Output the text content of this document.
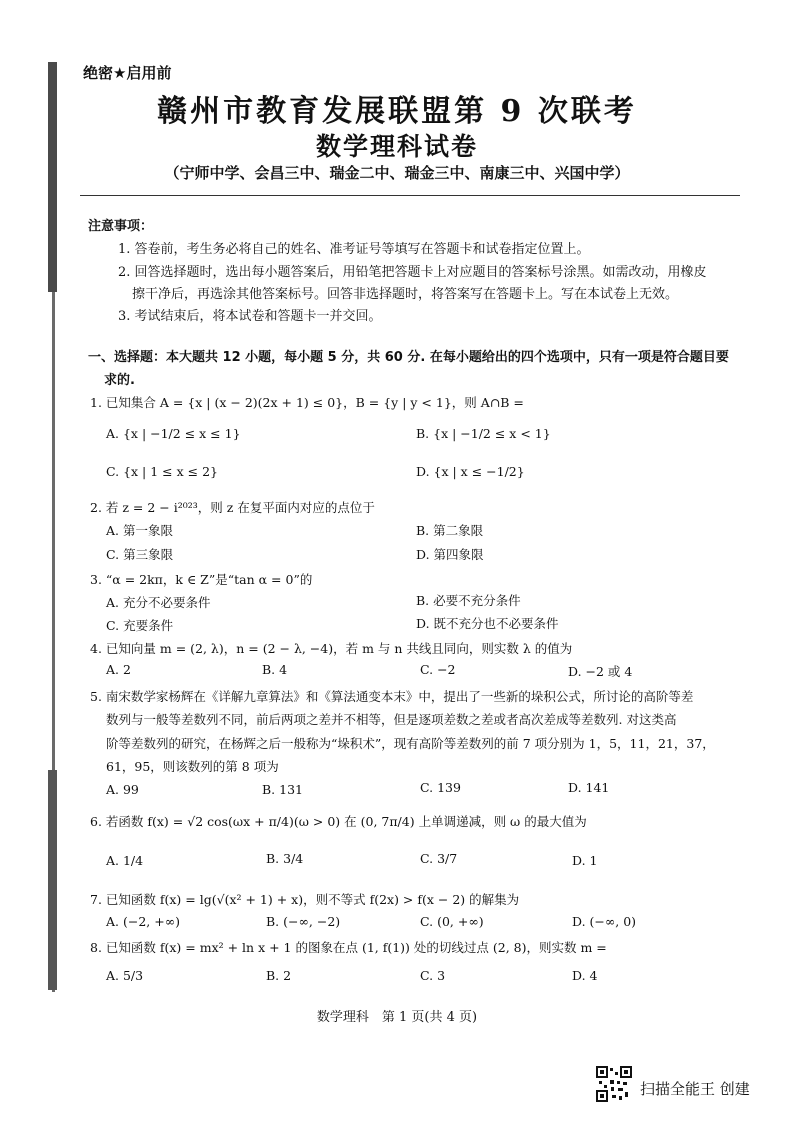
绝密★启用前
赣州市教育发展联盟第 9 次联考
数学理科试卷
（宁师中学、会昌三中、瑞金二中、瑞金三中、南康三中、兴国中学）
注意事项：
1. 答卷前，考生务必将自己的姓名、准考证号等填写在答题卡和试卷指定位置上。
2. 回答选择题时，选出每小题答案后，用铅笔把答题卡上对应题目的答案标号涂黑。如需改动，用橡皮
擦干净后，再选涂其他答案标号。回答非选择题时，将答案写在答题卡上。写在本试卷上无效。
3. 考试结束后，将本试卷和答题卡一并交回。
一、选择题：本大题共 12 小题，每小题 5 分，共 60 分. 在每小题给出的四个选项中，只有一项是符合题目要
求的.
1. 已知集合 A = {x | (x − 2)(2x + 1) ≤ 0}，B = {y | y < 1}，则 A∩B =
A. {x | −1/2 ≤ x ≤ 1}	B. {x | −1/2 ≤ x < 1}
C. {x | 1 ≤ x ≤ 2}	D. {x | x ≤ −1/2}
2. 若 z = 2 − i²⁰²³，则 z 在复平面内对应的点位于
A. 第一象限	B. 第二象限
C. 第三象限	D. 第四象限
3. “α = 2kπ，k ∈ Z”是“tan α = 0”的
A. 充分不必要条件	B. 必要不充分条件
C. 充要条件	D. 既不充分也不必要条件
4. 已知向量 m = (2, λ)，n = (2 − λ, −4)，若 m 与 n 共线且同向，则实数 λ 的值为
A. 2	B. 4	C. −2	D. −2 或 4
5. 南宋数学家杨辉在《详解九章算法》和《算法通变本末》中，提出了一些新的垛积公式，所讨论的高阶等差
数列与一般等差数列不同，前后两项之差并不相等，但是逐项差数之差或者高次差成等差数列. 对这类高
阶等差数列的研究，在杨辉之后一般称为“垛积术”，现有高阶等差数列的前 7 项分别为 1，5，11，21，37，
61，95，则该数列的第 8 项为
A. 99	B. 131	C. 139	D. 141
6. 若函数 f(x) = √2 cos(ωx + π/4)(ω > 0) 在 (0, 7π/4) 上单调递减，则 ω 的最大值为
A. 1/4	B. 3/4	C. 3/7	D. 1
7. 已知函数 f(x) = lg(√(x² + 1) + x)，则不等式 f(2x) > f(x − 2) 的解集为
A. (−2, +∞)	B. (−∞, −2)	C. (0, +∞)	D. (−∞, 0)
8. 已知函数 f(x) = mx² + ln x + 1 的图象在点 (1, f(1)) 处的切线过点 (2, 8)，则实数 m =
A. 5/3	B. 2	C. 3	D. 4
数学理科　第 1 页(共 4 页)
扫描全能王 创建
